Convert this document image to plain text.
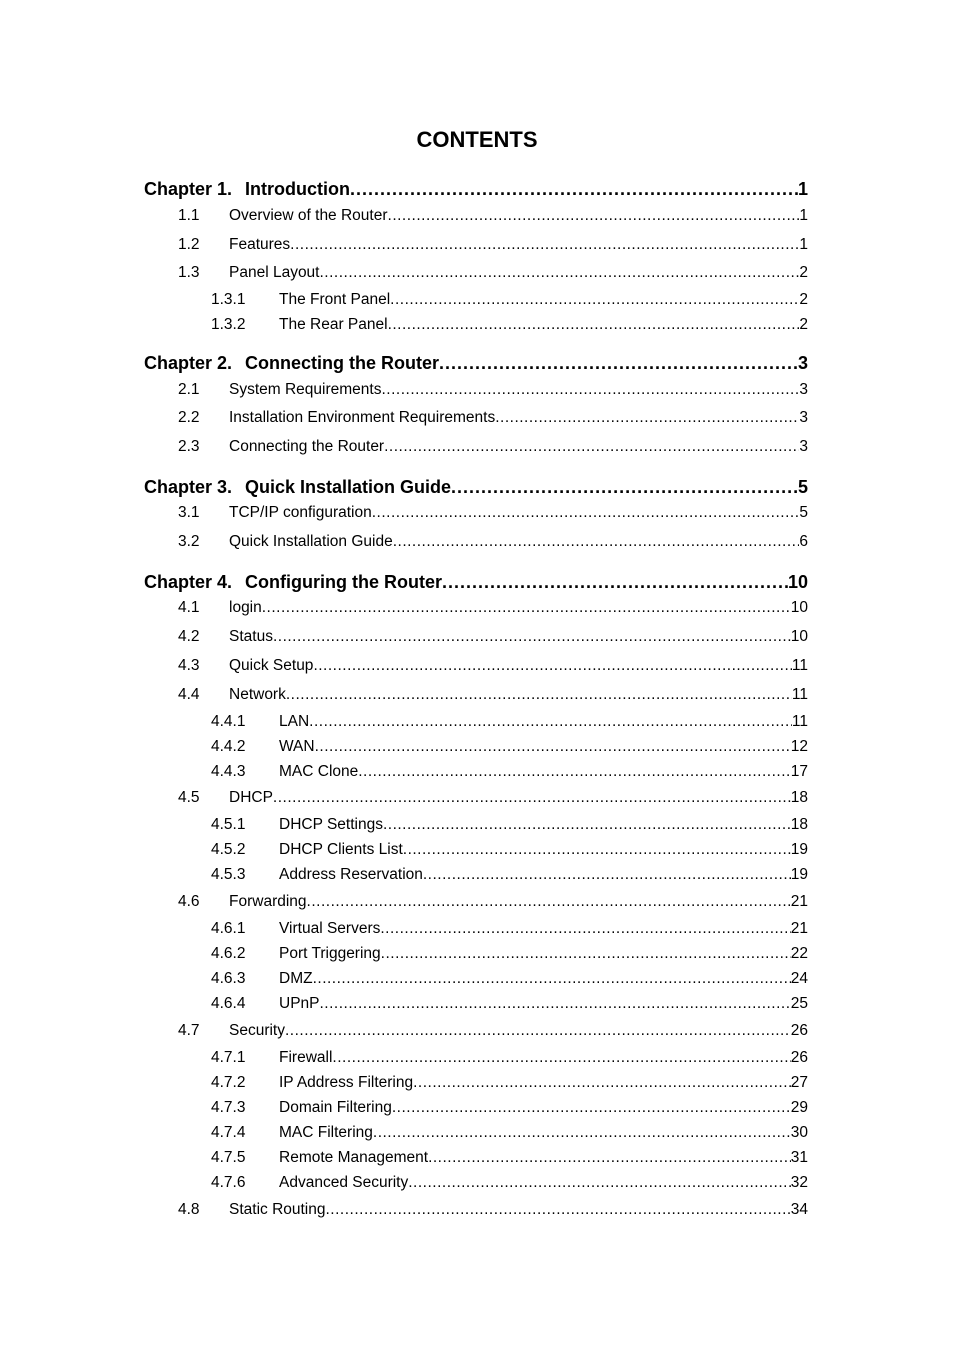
CONTENTS
Chapter 1. Introduction .....	1
1.1 Overview of the Router .....	1
1.2 Features .....	1
1.3 Panel Layout .....	2
1.3.1 The Front Panel .....	2
1.3.2 The Rear Panel .....	2
Chapter 2. Connecting the Router .....	3
2.1 System Requirements .....	3
2.2 Installation Environment Requirements .....	3
2.3 Connecting the Router .....	3
Chapter 3. Quick Installation Guide .....	5
3.1 TCP/IP configuration .....	5
3.2 Quick Installation Guide .....	6
Chapter 4. Configuring the Router .....	10
4.1 login .....	10
4.2 Status .....	10
4.3 Quick Setup .....	11
4.4 Network .....	11
4.4.1 LAN .....	11
4.4.2 WAN .....	12
4.4.3 MAC Clone .....	17
4.5 DHCP .....	18
4.5.1 DHCP Settings .....	18
4.5.2 DHCP Clients List .....	19
4.5.3 Address Reservation .....	19
4.6 Forwarding .....	21
4.6.1 Virtual Servers .....	21
4.6.2 Port Triggering .....	22
4.6.3 DMZ .....	24
4.6.4 UPnP .....	25
4.7 Security .....	26
4.7.1 Firewall .....	26
4.7.2 IP Address Filtering .....	27
4.7.3 Domain Filtering .....	29
4.7.4 MAC Filtering .....	30
4.7.5 Remote Management .....	31
4.7.6 Advanced Security .....	32
4.8 Static Routing .....	34
